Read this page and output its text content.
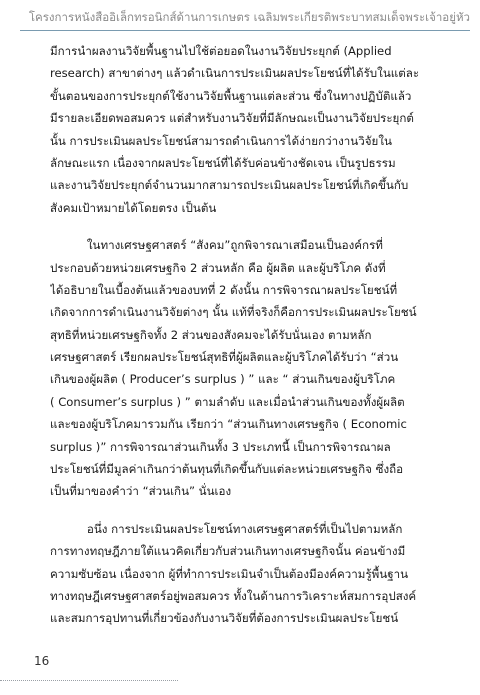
โครงการหนังสืออิเล็กทรอนิกส์ด้านการเกษตร เฉลิมพระเกียรติพระบาทสมเด็จพระเจ้าอยู่หัว
มีการนำผลงานวิจัยพื้นฐานไปใช้ต่อยอดในงานวิจัยประยุกต์ (Applied
research) สาขาต่างๆ แล้วดำเนินการประเมินผลประโยชน์ที่ได้รับในแต่ละ
ขั้นตอนของการประยุกต์ใช้งานวิจัยพื้นฐานแต่ละส่วน ซึ่งในทางปฏิบัติแล้ว
มีรายละเอียดพอสมควร แต่สำหรับงานวิจัยที่มีลักษณะเป็นงานวิจัยประยุกต์
นั้น การประเมินผลประโยชน์สามารถดำเนินการได้ง่ายกว่างานวิจัยใน
ลักษณะแรก เนื่องจากผลประโยชน์ที่ได้รับค่อนข้างชัดเจน เป็นรูปธรรม
และงานวิจัยประยุกต์จำนวนมากสามารถประเมินผลประโยชน์ที่เกิดขึ้นกับ
สังคมเป้าหมายได้โดยตรง เป็นต้น
ในทางเศรษฐศาสตร์ “สังคม”ถูกพิจารณาเสมือนเป็นองค์กรที่
ประกอบด้วยหน่วยเศรษฐกิจ 2 ส่วนหลัก คือ ผู้ผลิต และผู้บริโภค ดังที่
ได้อธิบายในเบื้องต้นแล้วของบทที่ 2 ดังนั้น การพิจารณาผลประโยชน์ที่
เกิดจากการดำเนินงานวิจัยต่างๆ นั้น แท้ที่จริงก็คือการประเมินผลประโยชน์
สุทธิที่หน่วยเศรษฐกิจทั้ง 2 ส่วนของสังคมจะได้รับนั่นเอง ตามหลัก
เศรษฐศาสตร์ เรียกผลประโยชน์สุทธิที่ผู้ผลิตและผู้บริโภคได้รับว่า “ส่วน
เกินของผู้ผลิต ( Producer’s surplus ) ” และ “ ส่วนเกินของผู้บริโภค
( Consumer’s surplus ) ” ตามลำดับ และเมื่อนำส่วนเกินของทั้งผู้ผลิต
และของผู้บริโภคมารวมกัน เรียกว่า “ส่วนเกินทางเศรษฐกิจ ( Economic
surplus )” การพิจารณาส่วนเกินทั้ง 3 ประเภทนี้ เป็นการพิจารณาผล
ประโยชน์ที่มีมูลค่าเกินกว่าต้นทุนที่เกิดขึ้นกับแต่ละหน่วยเศรษฐกิจ ซึ่งถือ
เป็นที่มาของคำว่า “ส่วนเกิน” นั่นเอง
อนึ่ง การประเมินผลประโยชน์ทางเศรษฐศาสตร์ที่เป็นไปตามหลัก
การทางทฤษฎีภายใต้แนวคิดเกี่ยวกับส่วนเกินทางเศรษฐกิจนั้น ค่อนข้างมี
ความซับซ้อน เนื่องจาก ผู้ที่ทำการประเมินจำเป็นต้องมีองค์ความรู้พื้นฐาน
ทางทฤษฎีเศรษฐศาสตร์อยู่พอสมควร ทั้งในด้านการวิเคราะห์สมการอุปสงค์
และสมการอุปทานที่เกี่ยวข้องกับงานวิจัยที่ต้องการประเมินผลประโยชน์
16
